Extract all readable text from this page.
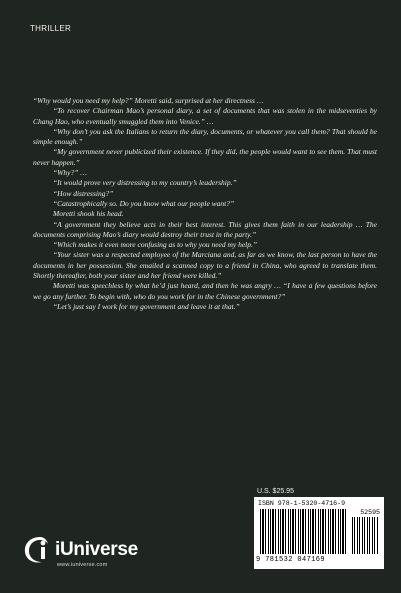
THRILLER

“Why would you need my help?” Moretti said, surprised at her directness …

“To recover Chairman Mao’s personal diary, a set of documents that was stolen in the midseventies by Chang Hao, who eventually smuggled them into Venice.” …

“Why don’t you ask the Italians to return the diary, documents, or whatever you call them? That should be simple enough.”

“My government never publicized their existence. If they did, the people would want to see them. That must never happen.”

“Why?” …

“It would prove very distressing to my country’s leadership.”

“How distressing?”

“Catastrophically so. Do you know what our people want?”

Moretti shook his head.

“A government they believe acts in their best interest. This gives them faith in our leadership … The documents comprising Mao’s diary would destroy their trust in the party.”

“Which makes it even more confusing as to why you need my help.”

“Your sister was a respected employee of the Marciana and, as far as we know, the last person to have the documents in her possession. She emailed a scanned copy to a friend in China, who agreed to translate them. Shortly thereafter, both your sister and her friend were killed.”

Moretti was speechless by what he’d just heard, and then he was angry … “I have a few questions before we go any further. To begin with, who do you work for in the Chinese government?”

“Let’s just say I work for my government and leave it at that.”

U.S. $25.95
ISBN 978-1-5320-4716-9
52595
9 781532 047169
iUniverse
www.iuniverse.com
